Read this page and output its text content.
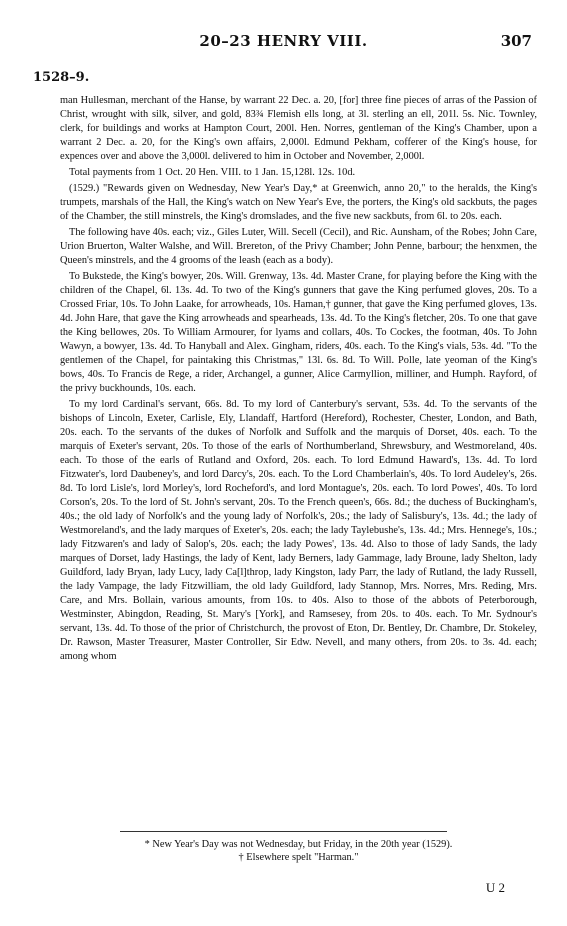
20–23 HENRY VIII.	307
1528–9.

man Hullesman, merchant of the Hanse, by warrant 22 Dec. a. 20, [for] three fine pieces of arras of the Passion of Christ, wrought with silk, silver, and gold, 83¾ Flemish ells long, at 3l. sterling an ell, 201l. 5s. Nic. Townley, clerk, for buildings and works at Hampton Court, 200l. Hen. Norres, gentleman of the King's Chamber, upon a warrant 2 Dec. a. 20, for the King's own affairs, 2,000l. Edmund Pekham, cofferer of the King's house, for expences over and above the 3,000l. delivered to him in October and November, 2,000l.

Total payments from 1 Oct. 20 Hen. VIII. to 1 Jan. 15,128l. 12s. 10d.

(1529.) "Rewards given on Wednesday, New Year's Day,* at Greenwich, anno 20," to the heralds, the King's trumpets, marshals of the Hall, the King's watch on New Year's Eve, the porters, the King's old sackbuts, the pages of the Chamber, the still minstrels, the King's dromslades, and the five new sackbuts, from 6l. to 20s. each.

The following have 40s. each; viz., Giles Luter, Will. Secell (Cecil), and Ric. Aunsham, of the Robes; John Care, Urion Bruerton, Walter Walshe, and Will. Brereton, of the Privy Chamber; John Penne, barbour; the henxmen, the Queen's minstrels, and the 4 grooms of the leash (each as a body).

To Bukstede, the King's bowyer, 20s. Will. Grenway, 13s. 4d. Master Crane, for playing before the King with the children of the Chapel, 6l. 13s. 4d. To two of the King's gunners that gave the King perfumed gloves, 20s. To a Crossed Friar, 10s. To John Laake, for arrowheads, 10s. Haman,† gunner, that gave the King perfumed gloves, 13s. 4d. John Hare, that gave the King arrowheads and spearheads, 13s. 4d. To the King's fletcher, 20s. To one that gave the King bellowes, 20s. To William Armourer, for lyams and collars, 40s. To Cockes, the footman, 40s. To John Wawyn, a bowyer, 13s. 4d. To Hanyball and Alex. Gingham, riders, 40s. each. To the King's vials, 53s. 4d. "To the gentlemen of the Chapel, for paintaking this Christmas," 13l. 6s. 8d. To Will. Polle, late yeoman of the King's bows, 40s. To Francis de Rege, a rider, Archangel, a gunner, Alice Carmyllion, milliner, and Humph. Rayford, of the privy buckhounds, 10s. each.

To my lord Cardinal's servant, 66s. 8d. To my lord of Canterbury's servant, 53s. 4d. To the servants of the bishops of Lincoln, Exeter, Carlisle, Ely, Llandaff, Hartford (Hereford), Rochester, Chester, London, and Bath, 20s. each. To the servants of the dukes of Norfolk and Suffolk and the marquis of Dorset, 40s. each. To the marquis of Exeter's servant, 20s. To those of the earls of Northumberland, Shrewsbury, and Westmoreland, 40s. each. To those of the earls of Rutland and Oxford, 20s. each. To lord Edmund Haward's, 13s. 4d. To lord Fitzwater's, lord Daubeney's, and lord Darcy's, 20s. each. To the Lord Chamberlain's, 40s. To lord Audeley's, 26s. 8d. To lord Lisle's, lord Morley's, lord Rocheford's, and lord Montague's, 20s. each. To lord Powes', 40s. To lord Corson's, 20s. To the lord of St. John's servant, 20s. To the French queen's, 66s. 8d.; the duchess of Buckingham's, 40s.; the old lady of Norfolk's and the young lady of Norfolk's, 20s.; the lady of Salisbury's, 13s. 4d.; the lady of Westmoreland's, and the lady marques of Exeter's, 20s. each; the lady Taylebushe's, 13s. 4d.; Mrs. Hennege's, 10s.; lady Fitzwaren's and lady of Salop's, 20s. each; the lady Powes', 13s. 4d. Also to those of lady Sands, the lady marques of Dorset, lady Hastings, the lady of Kent, lady Berners, lady Gammage, lady Broune, lady Shelton, lady Guildford, lady Bryan, lady Lucy, lady Ca[l]throp, lady Kingston, lady Parr, the lady of Rutland, the lady Russell, the lady Vampage, the lady Fitzwilliam, the old lady Guildford, lady Stannop, Mrs. Norres, Mrs. Reding, Mrs. Care, and Mrs. Bollain, various amounts, from 10s. to 40s. Also to those of the abbots of Peterborough, Westminster, Abingdon, Reading, St. Mary's [York], and Ramsesey, from 20s. to 40s. each. To Mr. Sydnour's servant, 13s. 4d. To those of the prior of Christchurch, the provost of Eton, Dr. Bentley, Dr. Chambre, Dr. Stokeley, Dr. Rawson, Master Treasurer, Master Controller, Sir Edw. Nevell, and many others, from 20s. to 3s. 4d. each; among whom

* New Year's Day was not Wednesday, but Friday, in the 20th year (1529).
† Elsewhere spelt "Harman."
U 2
